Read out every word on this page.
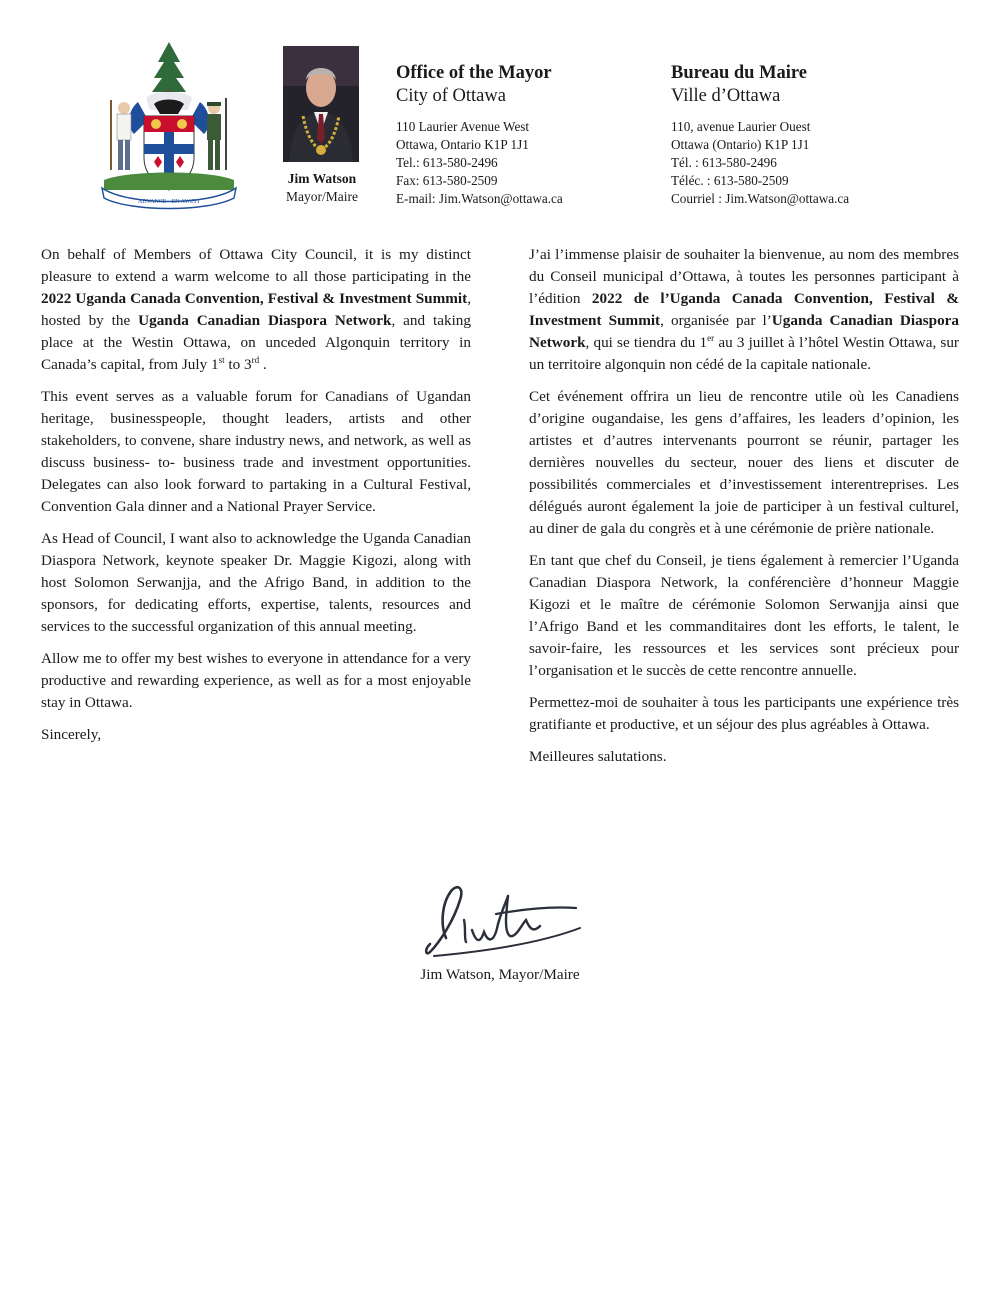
ADVANCE · EN AVANT
Jim Watson
Mayor/Maire
Office of the Mayor
City of Ottawa
110 Laurier Avenue West
Ottawa, Ontario K1P 1J1
Tel.: 613-580-2496
Fax: 613-580-2509
E-mail: Jim.Watson@ottawa.ca
Bureau du Maire
Ville d’Ottawa
110, avenue Laurier Ouest
Ottawa (Ontario) K1P 1J1
Tél. : 613-580-2496
Téléc. : 613-580-2509
Courriel : Jim.Watson@ottawa.ca

On behalf of Members of Ottawa City Council, it is my distinct pleasure to extend a warm welcome to all those participating in the 2022 Uganda Canada Convention, Festival & Investment Summit, hosted by the Uganda Canadian Diaspora Network, and taking place at the Westin Ottawa, on unceded Algonquin territory in Canada’s capital, from July 1st to 3rd .

This event serves as a valuable forum for Canadians of Ugandan heritage, businesspeople, thought leaders, artists and other stakeholders, to convene, share industry news, and network, as well as discuss business- to- business trade and investment opportunities. Delegates can also look forward to partaking in a Cultural Festival, Convention Gala dinner and a National Prayer Service.

As Head of Council, I want also to acknowledge the Uganda Canadian Diaspora Network, keynote speaker Dr. Maggie Kigozi, along with host Solomon Serwanjja, and the Afrigo Band, in addition to the sponsors, for dedicating efforts, expertise, talents, resources and services to the successful organization of this annual meeting.

Allow me to offer my best wishes to everyone in attendance for a very productive and rewarding experience, as well as for a most enjoyable stay in Ottawa.

Sincerely,

J’ai l’immense plaisir de souhaiter la bienvenue, au nom des membres du Conseil municipal d’Ottawa, à toutes les personnes participant à l’édition 2022 de l’Uganda Canada Convention, Festival & Investment Summit, organisée par l’Uganda Canadian Diaspora Network, qui se tiendra du 1er au 3 juillet à l’hôtel Westin Ottawa, sur un territoire algonquin non cédé de la capitale nationale.

Cet événement offrira un lieu de rencontre utile où les Canadiens d’origine ougandaise, les gens d’affaires, les leaders d’opinion, les artistes et d’autres intervenants pourront se réunir, partager les dernières nouvelles du secteur, nouer des liens et discuter de possibilités commerciales et d’investissement interentreprises. Les délégués auront également la joie de participer à un festival culturel, au diner de gala du congrès et à une cérémonie de prière nationale.

En tant que chef du Conseil, je tiens également à remercier l’Uganda Canadian Diaspora Network, la conférencière d’honneur Maggie Kigozi et le maître de cérémonie Solomon Serwanjja ainsi que l’Afrigo Band et les commanditaires dont les efforts, le talent, le savoir-faire, les ressources et les services sont précieux pour l’organisation et le succès de cette rencontre annuelle.

Permettez-moi de souhaiter à tous les participants une expérience très gratifiante et productive, et un séjour des plus agréables à Ottawa.

Meilleures salutations.

Jim Watson, Mayor/Maire
